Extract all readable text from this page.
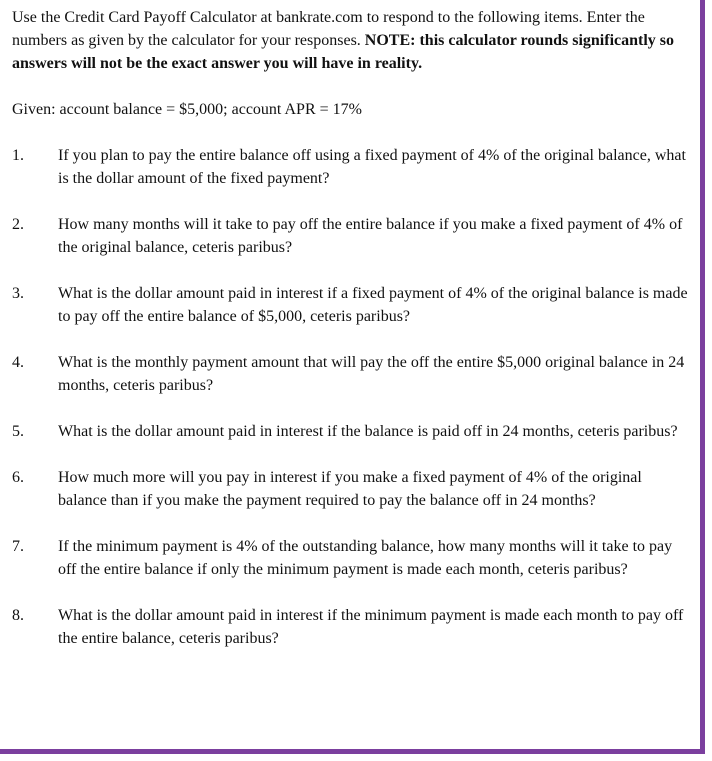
Use the Credit Card Payoff Calculator at bankrate.com to respond to the following items. Enter the numbers as given by the calculator for your responses. NOTE: this calculator rounds significantly so answers will not be the exact answer you will have in reality.

Given: account balance = $5,000; account APR = 17%

1.	If you plan to pay the entire balance off using a fixed payment of 4% of the original balance, what is the dollar amount of the fixed payment?
2.	How many months will it take to pay off the entire balance if you make a fixed payment of 4% of the original balance, ceteris paribus?
3.	What is the dollar amount paid in interest if a fixed payment of 4% of the original balance is made to pay off the entire balance of $5,000, ceteris paribus?
4.	What is the monthly payment amount that will pay the off the entire $5,000 original balance in 24 months, ceteris paribus?
5.	What is the dollar amount paid in interest if the balance is paid off in 24 months, ceteris paribus?
6.	How much more will you pay in interest if you make a fixed payment of 4% of the original balance than if you make the payment required to pay the balance off in 24 months?
7.	If the minimum payment is 4% of the outstanding balance, how many months will it take to pay off the entire balance if only the minimum payment is made each month, ceteris paribus?
8.	What is the dollar amount paid in interest if the minimum payment is made each month to pay off the entire balance, ceteris paribus?
